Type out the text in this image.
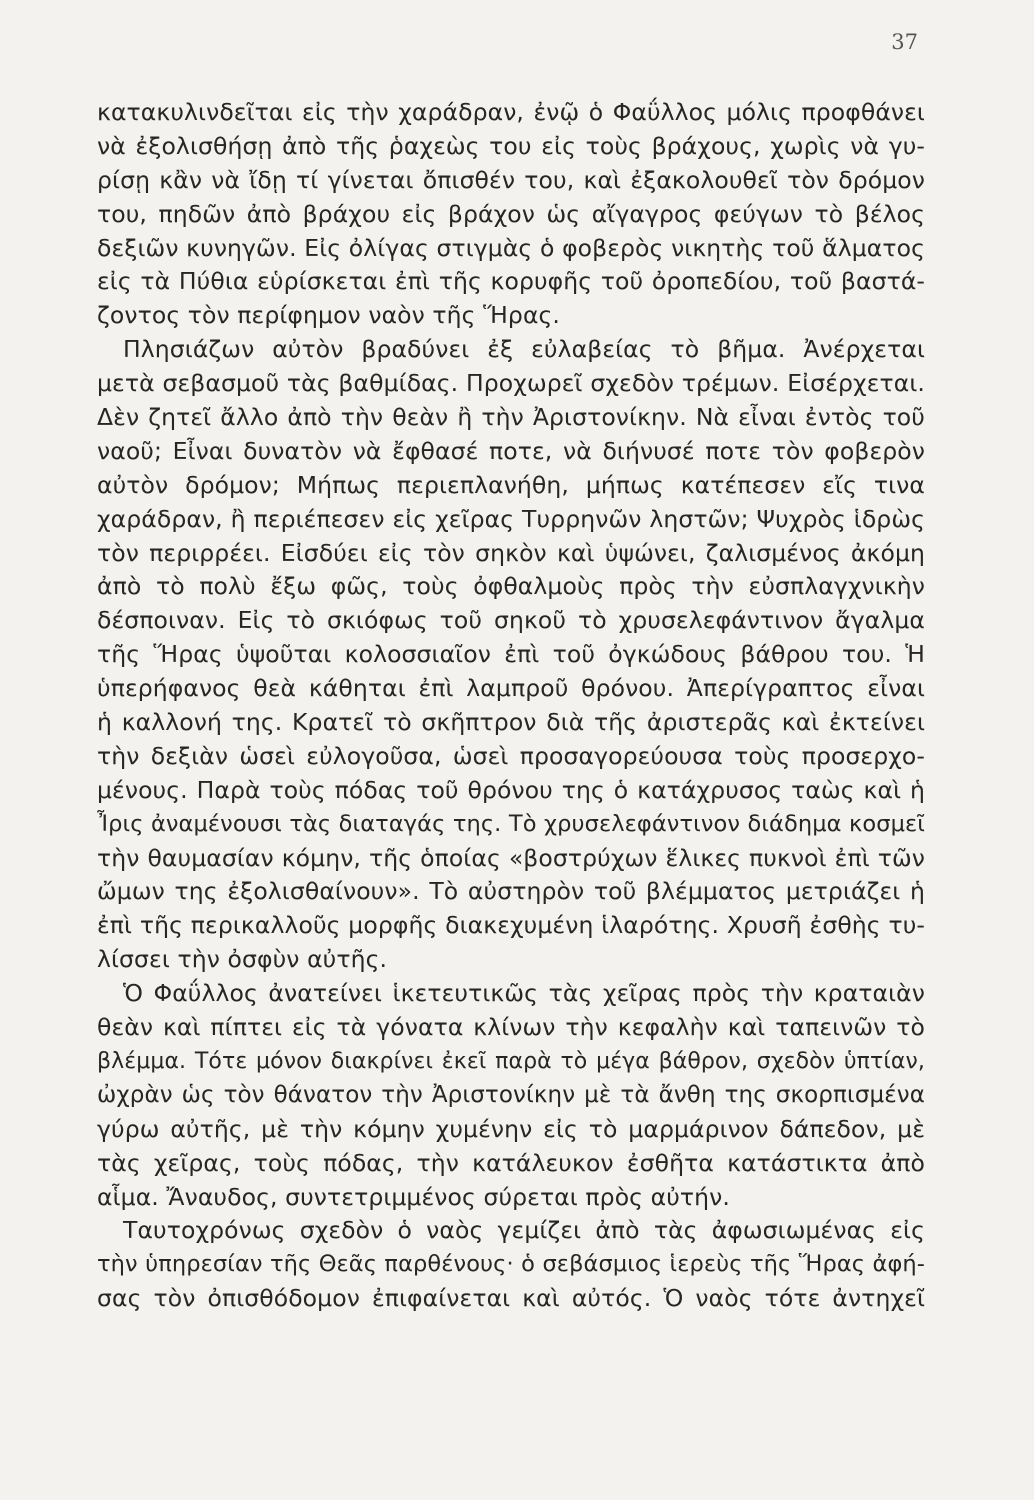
37
κατακυλινδεῖται εἰς τὴν χαράδραν, ἐνῷ ὁ Φαΰλλος μόλις προφθάνει
νὰ ἐξολισθήσῃ ἀπὸ τῆς ῥαχεὼς του εἰς τοὺς βράχους, χωρὶς νὰ γυ-
ρίσῃ κἂν νὰ ἴδῃ τί γίνεται ὄπισθέν του, καὶ ἐξακολουθεῖ τὸν δρόμον
του, πηδῶν ἀπὸ βράχου εἰς βράχον ὡς αἴγαγρος φεύγων τὸ βέλος
δεξιῶν κυνηγῶν. Εἰς ὀλίγας στιγμὰς ὁ φοβερὸς νικητὴς τοῦ ἅλματος
εἰς τὰ Πύθια εὑρίσκεται ἐπὶ τῆς κορυφῆς τοῦ ὀροπεδίου, τοῦ βαστά-
ζοντος τὸν περίφημον ναὸν τῆς Ἥρας.
Πλησιάζων αὐτὸν βραδύνει ἐξ εὐλαβείας τὸ βῆμα. Ἀνέρχεται
μετὰ σεβασμοῦ τὰς βαθμίδας. Προχωρεῖ σχεδὸν τρέμων. Εἰσέρχεται.
Δὲν ζητεῖ ἄλλο ἀπὸ τὴν θεὰν ἢ τὴν Ἀριστονίκην. Νὰ εἶναι ἐντὸς τοῦ
ναοῦ; Εἶναι δυνατὸν νὰ ἔφθασέ ποτε, νὰ διήνυσέ ποτε τὸν φοβερὸν
αὐτὸν δρόμον; Μήπως περιεπλανήθη, μήπως κατέπεσεν εἴς τινα
χαράδραν, ἢ περιέπεσεν εἰς χεῖρας Τυρρηνῶν ληστῶν; Ψυχρὸς ἱδρὼς
τὸν περιρρέει. Εἰσδύει εἰς τὸν σηκὸν καὶ ὑψώνει, ζαλισμένος ἀκόμη
ἀπὸ τὸ πολὺ ἔξω φῶς, τοὺς ὀφθαλμοὺς πρὸς τὴν εὐσπλαγχνικὴν
δέσποιναν. Εἰς τὸ σκιόφως τοῦ σηκοῦ τὸ χρυσελεφάντινον ἄγαλμα
τῆς Ἥρας ὑψοῦται κολοσσιαῖον ἐπὶ τοῦ ὀγκώδους βάθρου του. Ἡ
ὑπερήφανος θεὰ κάθηται ἐπὶ λαμπροῦ θρόνου. Ἀπερίγραπτος εἶναι
ἡ καλλονή της. Κρατεῖ τὸ σκῆπτρον διὰ τῆς ἀριστερᾶς καὶ ἐκτείνει
τὴν δεξιὰν ὡσεὶ εὐλογοῦσα, ὡσεὶ προσαγορεύουσα τοὺς προσερχο-
μένους. Παρὰ τοὺς πόδας τοῦ θρόνου της ὁ κατάχρυσος ταὼς καὶ ἡ
Ἶρις ἀναμένουσι τὰς διαταγάς της. Τὸ χρυσελεφάντινον διάδημα κοσμεῖ
τὴν θαυμασίαν κόμην, τῆς ὁποίας «βοστρύχων ἕλικες πυκνοὶ ἐπὶ τῶν
ὤμων της ἐξολισθαίνουν». Τὸ αὐστηρὸν τοῦ βλέμματος μετριάζει ἡ
ἐπὶ τῆς περικαλλοῦς μορφῆς διακεχυμένη ἱλαρότης. Χρυσῆ ἐσθὴς τυ-
λίσσει τὴν ὀσφὺν αὐτῆς.
Ὁ Φαΰλλος ἀνατείνει ἱκετευτικῶς τὰς χεῖρας πρὸς τὴν κραταιὰν
θεὰν καὶ πίπτει εἰς τὰ γόνατα κλίνων τὴν κεφαλὴν καὶ ταπεινῶν τὸ
βλέμμα. Τότε μόνον διακρίνει ἐκεῖ παρὰ τὸ μέγα βάθρον, σχεδὸν ὑπτίαν,
ὠχρὰν ὡς τὸν θάνατον τὴν Ἀριστονίκην μὲ τὰ ἄνθη της σκορπισμένα
γύρω αὐτῆς, μὲ τὴν κόμην χυμένην εἰς τὸ μαρμάρινον δάπεδον, μὲ
τὰς χεῖρας, τοὺς πόδας, τὴν κατάλευκον ἐσθῆτα κατάστικτα ἀπὸ
αἷμα. Ἄναυδος, συντετριμμένος σύρεται πρὸς αὐτήν.
Ταυτοχρόνως σχεδὸν ὁ ναὸς γεμίζει ἀπὸ τὰς ἀφωσιωμένας εἰς
τὴν ὑπηρεσίαν τῆς Θεᾶς παρθένους· ὁ σεβάσμιος ἱερεὺς τῆς Ἥρας ἀφή-
σας τὸν ὀπισθόδομον ἐπιφαίνεται καὶ αὐτός. Ὁ ναὸς τότε ἀντηχεῖ
